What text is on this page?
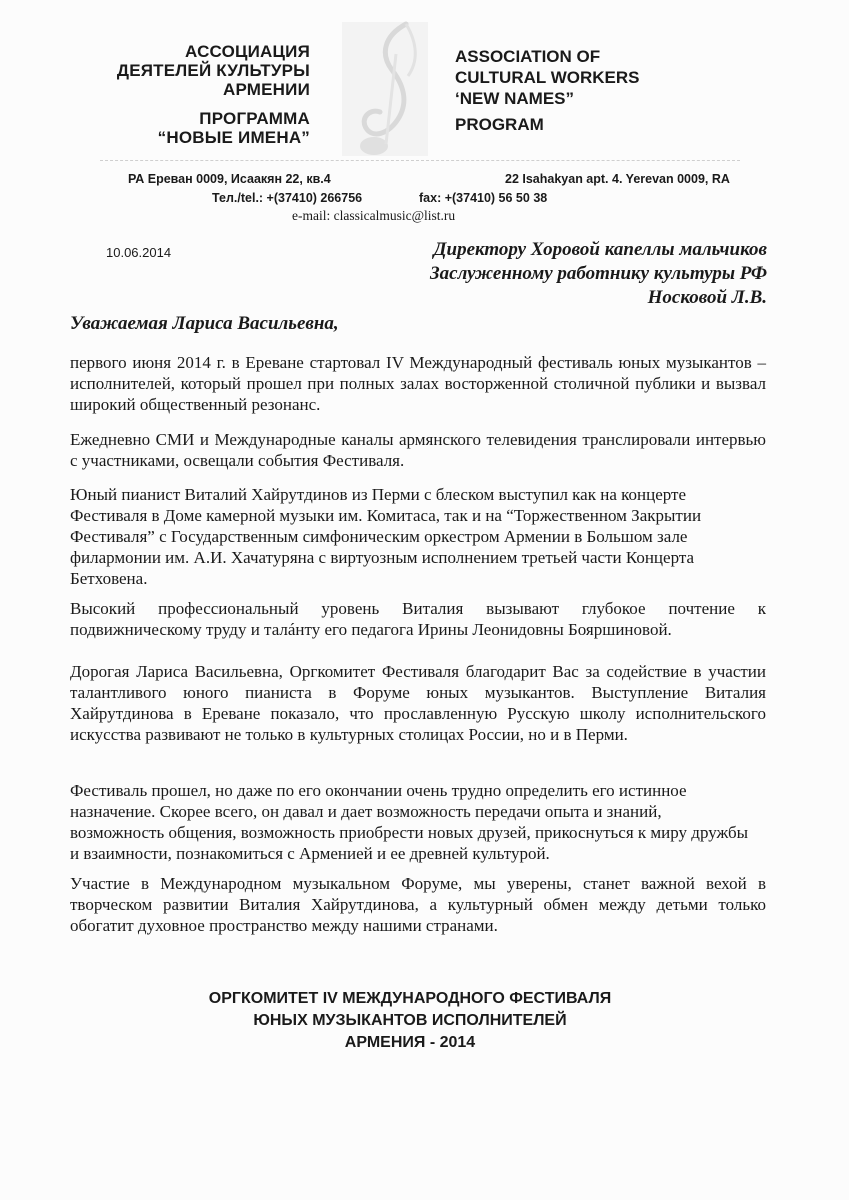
АССОЦИАЦИЯ
ДЕЯТЕЛЕЙ КУЛЬТУРЫ
АРМЕНИИ
ПРОГРАММА
“НОВЫЕ ИМЕНА”
ASSOCIATION OF
CULTURAL WORKERS
‘NEW NAMES”
PROGRAM
РА Ереван 0009, Исаакян 22, кв.4	22 Isahakyan apt. 4. Yerevan 0009, RA
Тел./tel.: +(37410) 266756	fax: +(37410) 56 50 38
e-mail: classicalmusic@list.ru
10.06.2014	Директору Хоровой капеллы мальчиков
Заслуженному работнику культуры РФ
Носковой Л.В.
Уважаемая Лариса Васильевна,
первого июня 2014 г. в Ереване стартовал IV Международный фестиваль юных музыкантов – исполнителей, который прошел при полных залах восторженной столичной публики и вызвал широкий общественный резонанс.
Ежедневно СМИ и Международные каналы армянского телевидения транслировали интервью с участниками, освещали события Фестиваля.
Юный пианист Виталий Хайрутдинов из Перми с блеском выступил как на концерте Фестиваля в Доме камерной музыки им. Комитаса, так и на “Торжественном Закрытии Фестиваля” с Государственным симфоническим оркестром Армении в Большом зале филармонии им. А.И. Хачатуряна с виртуозным исполнением третьей части Концерта Бетховена.
Высокий профессиональный уровень Виталия вызывают глубокое почтение к подвижническому труду и талáнту его педагога Ирины Леонидовны Бояршиновой.
Дорогая Лариса Васильевна, Оргкомитет Фестиваля благодарит Вас за содействие в участии талантливого юного пианиста в Форуме юных музыкантов. Выступление Виталия Хайрутдинова в Ереване показало, что прославленную Русскую школу исполнительского искусства развивают не только в культурных столицах России, но и в Перми.
Фестиваль прошел, но даже по его окончании очень трудно определить его истинное назначение. Скорее всего, он давал и дает возможность передачи опыта и знаний, возможность общения, возможность приобрести новых друзей, прикоснуться к миру дружбы и взаимности, познакомиться с Арменией и ее древней культурой.
Участие в Международном музыкальном Форуме, мы уверены, станет важной вехой в творческом развитии Виталия Хайрутдинова, а культурный обмен между детьми только обогатит духовное пространство между нашими странами.
ОРГКОМИТЕТ IV МЕЖДУНАРОДНОГО ФЕСТИВАЛЯ
ЮНЫХ МУЗЫКАНТОВ ИСПОЛНИТЕЛЕЙ
АРМЕНИЯ - 2014
